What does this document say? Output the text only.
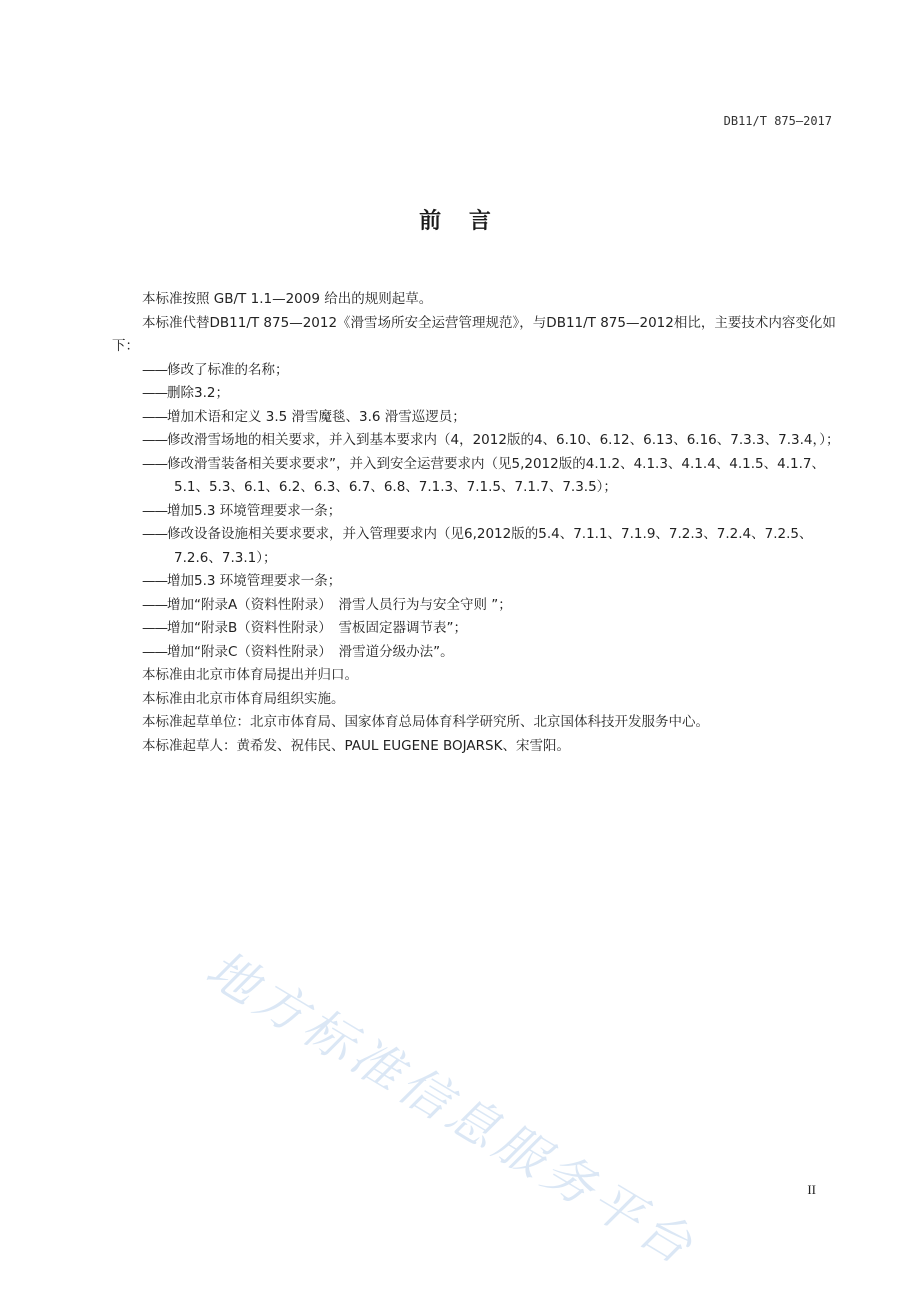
DB11/T 875—2017
前 言

本标准按照 GB/T 1.1—2009 给出的规则起草。

本标准代替DB11/T 875—2012《滑雪场所安全运营管理规范》，与DB11/T 875—2012相比，主要技术内容变化如下：

——修改了标准的名称；

——删除3.2；

——增加术语和定义 3.5 滑雪魔毯、3.6 滑雪巡逻员；

——修改滑雪场地的相关要求，并入到基本要求内（4，2012版的4、6.10、6.12、6.13、6.16、7.3.3、7.3.4，）；

——修改滑雪装备相关要求要求”，并入到安全运营要求内（见5,2012版的4.1.2、4.1.3、4.1.4、4.1.5、4.1.7、5.1、5.3、6.1、6.2、6.3、6.7、6.8、7.1.3、7.1.5、7.1.7、7.3.5）；

——增加5.3 环境管理要求一条；

——修改设备设施相关要求要求，并入管理要求内（见6,2012版的5.4、7.1.1、7.1.9、7.2.3、7.2.4、7.2.5、7.2.6、7.3.1）；

——增加5.3 环境管理要求一条；

——增加“附录A（资料性附录）　滑雪人员行为与安全守则 ”；

——增加“附录B（资料性附录）　雪板固定器调节表”；

——增加“附录C（资料性附录）　滑雪道分级办法”。

本标准由北京市体育局提出并归口。

本标准由北京市体育局组织实施。

本标准起草单位：北京市体育局、国家体育总局体育科学研究所、北京国体科技开发服务中心。

本标准起草人：黄希发、祝伟民、PAUL EUGENE BOJARSK、宋雪阳。

地方标准信息服务平台	II
